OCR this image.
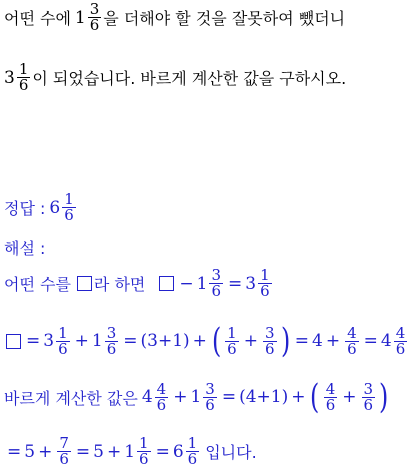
어떤 수에 $1 \frac{3}{6}$ 을 더해야 할 것을 잘못하여 뺐더니
$3 \frac{1}{6}$ 이 되었습니다. 바르게 계산한 값을 구하시오.
정답 : $6 \frac{1}{6}$
해설 :
어떤 수를 라 하면 − $1 \frac{3}{6} = 3 \frac{1}{6}$
= $3 \frac{1}{6} + 1 \frac{3}{6} = (3+1)$ + ( $\frac{1}{6} + \frac{3}{6}$ ) = $4 + \frac{4}{6} = 4 \frac{4}{6}$
바르게 계산한 값은 $4 \frac{4}{6} + 1 \frac{3}{6} = (4+1)$ + ( $\frac{4}{6} + \frac{3}{6}$ )
= $5 + \frac{7}{6} = 5 + 1 \frac{1}{6} = 6 \frac{1}{6}$ 입니다.
